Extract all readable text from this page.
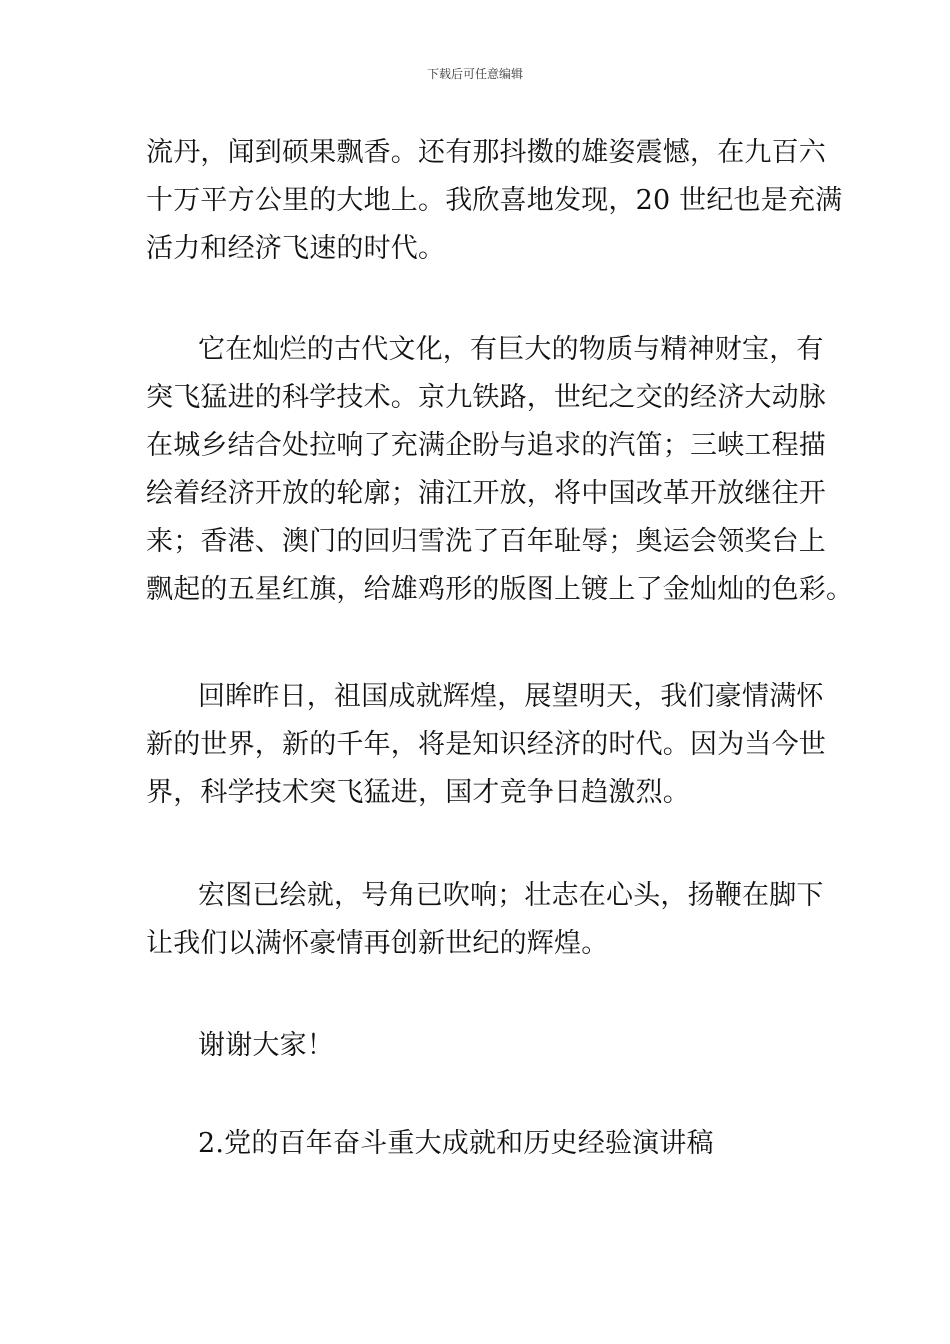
下载后可任意编辑
流丹，闻到硕果飘香。还有那抖擞的雄姿震憾，在九百六
十万平方公里的大地上。我欣喜地发现，20 世纪也是充满
活力和经济飞速的时代。
它在灿烂的古代文化，有巨大的物质与精神财宝，有
突飞猛进的科学技术。京九铁路，世纪之交的经济大动脉
在城乡结合处拉响了充满企盼与追求的汽笛；三峡工程描
绘着经济开放的轮廓；浦江开放，将中国改革开放继往开
来；香港、澳门的回归雪洗了百年耻辱；奥运会领奖台上
飘起的五星红旗，给雄鸡形的版图上镀上了金灿灿的色彩。
回眸昨日，祖国成就辉煌，展望明天，我们豪情满怀
新的世界，新的千年，将是知识经济的时代。因为当今世
界，科学技术突飞猛进，国才竞争日趋激烈。
宏图已绘就，号角已吹响；壮志在心头，扬鞭在脚下
让我们以满怀豪情再创新世纪的辉煌。
谢谢大家！
2.党的百年奋斗重大成就和历史经验演讲稿
